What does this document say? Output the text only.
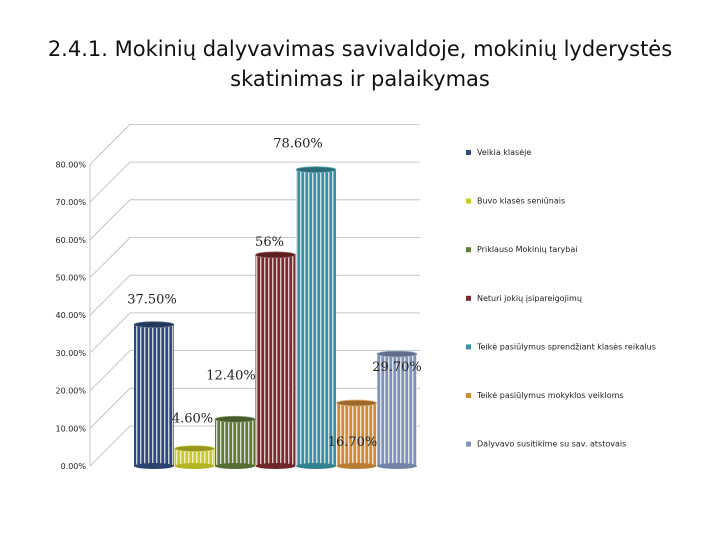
2.4.1. Mokinių dalyvavimas savivaldoje, mokinių lyderystės
skatinimas ir palaikymas
0.00%
10.00%
20.00%
30.00%
40.00%
50.00%
60.00%
70.00%
80.00%
37.50%
4.60%
12.40%
56%
78.60%
16.70%
29.70%
Veikia klasėje
Buvo klasės seniūnais
Priklauso Mokinių tarybai
Neturi jokių įsipareigojimų
Teikė pasiūlymus sprendžiant klasės reikalus
Teikė pasiūlymus mokyklos veikloms
Dalyvavo susitikime su sav. atstovais
